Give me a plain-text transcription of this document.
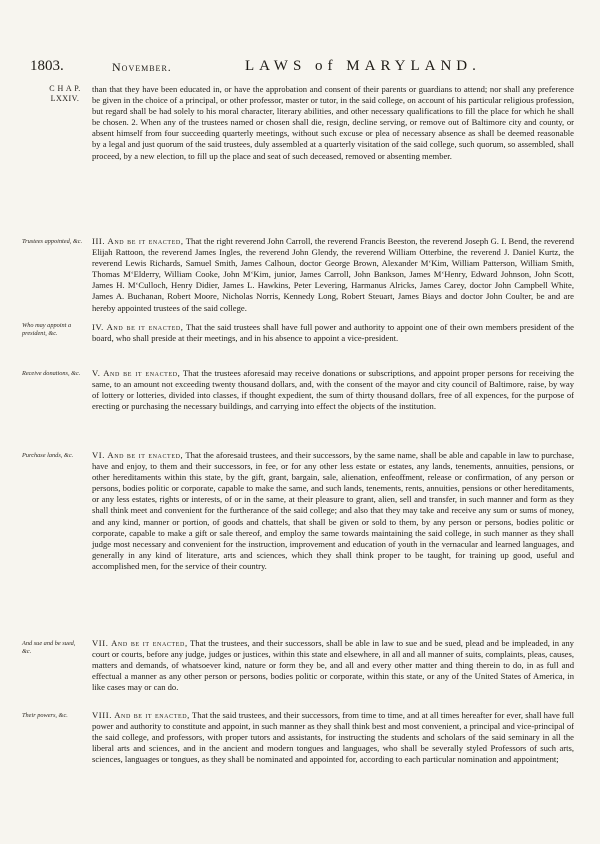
1803.	November.	LAWS of MARYLAND.
C H A P.
LXXIV.

than that they have been educated in, or have the approbation and consent of their parents or guardians to attend; nor shall any preference be given in the choice of a principal, or other professor, master or tutor, in the said college, on account of his particular religious profession, but regard shall be had solely to his moral character, literary abilities, and other necessary qualifications to fill the place for which he shall be chosen. 2. When any of the trustees named or chosen shall die, resign, decline serving, or remove out of Baltimore city and county, or absent himself from four succeeding quarterly meetings, without such excuse or plea of necessary absence as shall be deemed reasonable by a legal and just quorum of the said trustees, duly assembled at a quarterly visitation of the said college, such quorum, so assembled, shall proceed, by a new election, to fill up the place and seat of such deceased, removed or absenting member.

Trustees appointed, &c. III. And be it enacted, That the right reverend John Carroll, the reverend Francis Beeston, the reverend Joseph G. I. Bend, the reverend Elijah Rattoon, the reverend James Ingles, the reverend John Glendy, the reverend William Otterbine, the reverend J. Daniel Kurtz, the reverend Lewis Richards, Samuel Smith, James Calhoun, doctor George Brown, Alexander M‘Kim, William Patterson, William Smith, Thomas M‘Elderry, William Cooke, John M‘Kim, junior, James Carroll, John Bankson, James M‘Henry, Edward Johnson, John Scott, James H. M‘Culloch, Henry Didier, James L. Hawkins, Peter Levering, Harmanus Alricks, James Carey, doctor John Campbell White, James A. Buchanan, Robert Moore, Nicholas Norris, Kennedy Long, Robert Steuart, James Biays and doctor John Coulter, be and are hereby appointed trustees of the said college.

Who may appoint a president, &c.

IV. And be it enacted, That the said trustees shall have full power and authority to appoint one of their own members president of the board, who shall preside at their meetings, and in his absence to appoint a vice-president.

Receive donations, &c.	V. And be it enacted, That the trustees aforesaid may receive donations or subscriptions, and appoint proper persons for receiving the same, to an amount not exceeding twenty thousand dollars, and, with the consent of the mayor and city council of Baltimore, raise, by way of lottery or lotteries, divided into classes, if thought expedient, the sum of thirty thousand dollars, free of all expences, for the purpose of erecting or purchasing the necessary buildings, and carrying into effect the objects of the institution.

Purchase lands, &c.	VI. And be it enacted, That the aforesaid trustees, and their successors, by the same name, shall be able and capable in law to purchase, have and enjoy, to them and their successors, in fee, or for any other less estate or estates, any lands, tenements, annuities, pensions, or other hereditaments within this state, by the gift, grant, bargain, sale, alienation, enfeoffment, release or confirmation, of any person or persons, bodies politic or corporate, capable to make the same, and such lands, tenements, rents, annuities, pensions or other hereditaments, or any less estates, rights or interests, of or in the same, at their pleasure to grant, alien, sell and transfer, in such manner and form as they shall think meet and convenient for the furtherance of the said college; and also that they may take and receive any sum or sums of money, and any kind, manner or portion, of goods and chattels, that shall be given or sold to them, by any person or persons, bodies politic or corporate, capable to make a gift or sale thereof, and employ the same towards maintaining the said college, in such manner as they shall judge most necessary and convenient for the instruction, improvement and education of youth in the vernacular and learned languages, and generally in any kind of literature, arts and sciences, which they shall think proper to be taught, for training up good, useful and accomplished men, for the service of their country.

And sue and be sued, &c.

VII. And be it enacted, That the trustees, and their successors, shall be able in law to sue and be sued, plead and be impleaded, in any court or courts, before any judge, judges or justices, within this state and elsewhere, in all and all manner of suits, complaints, pleas, causes, matters and demands, of whatsoever kind, nature or form they be, and all and every other matter and thing therein to do, in as full and effectual a manner as any other person or persons, bodies politic or corporate, within this state, or any of the United States of America, in like cases may or can do.

Their powers, &c.	VIII. And be it enacted, That the said trustees, and their successors, from time to time, and at all times hereafter for ever, shall have full power and authority to constitute and appoint, in such manner as they shall think best and most convenient, a principal and vice-principal of the said college, and professors, with proper tutors and assistants, for instructing the students and scholars of the said seminary in all the liberal arts and sciences, and in the ancient and modern tongues and languages, who shall be severally styled Professors of such arts, sciences, languages or tongues, as they shall be nominated and appointed for, according to each particular nomination and appointment;
